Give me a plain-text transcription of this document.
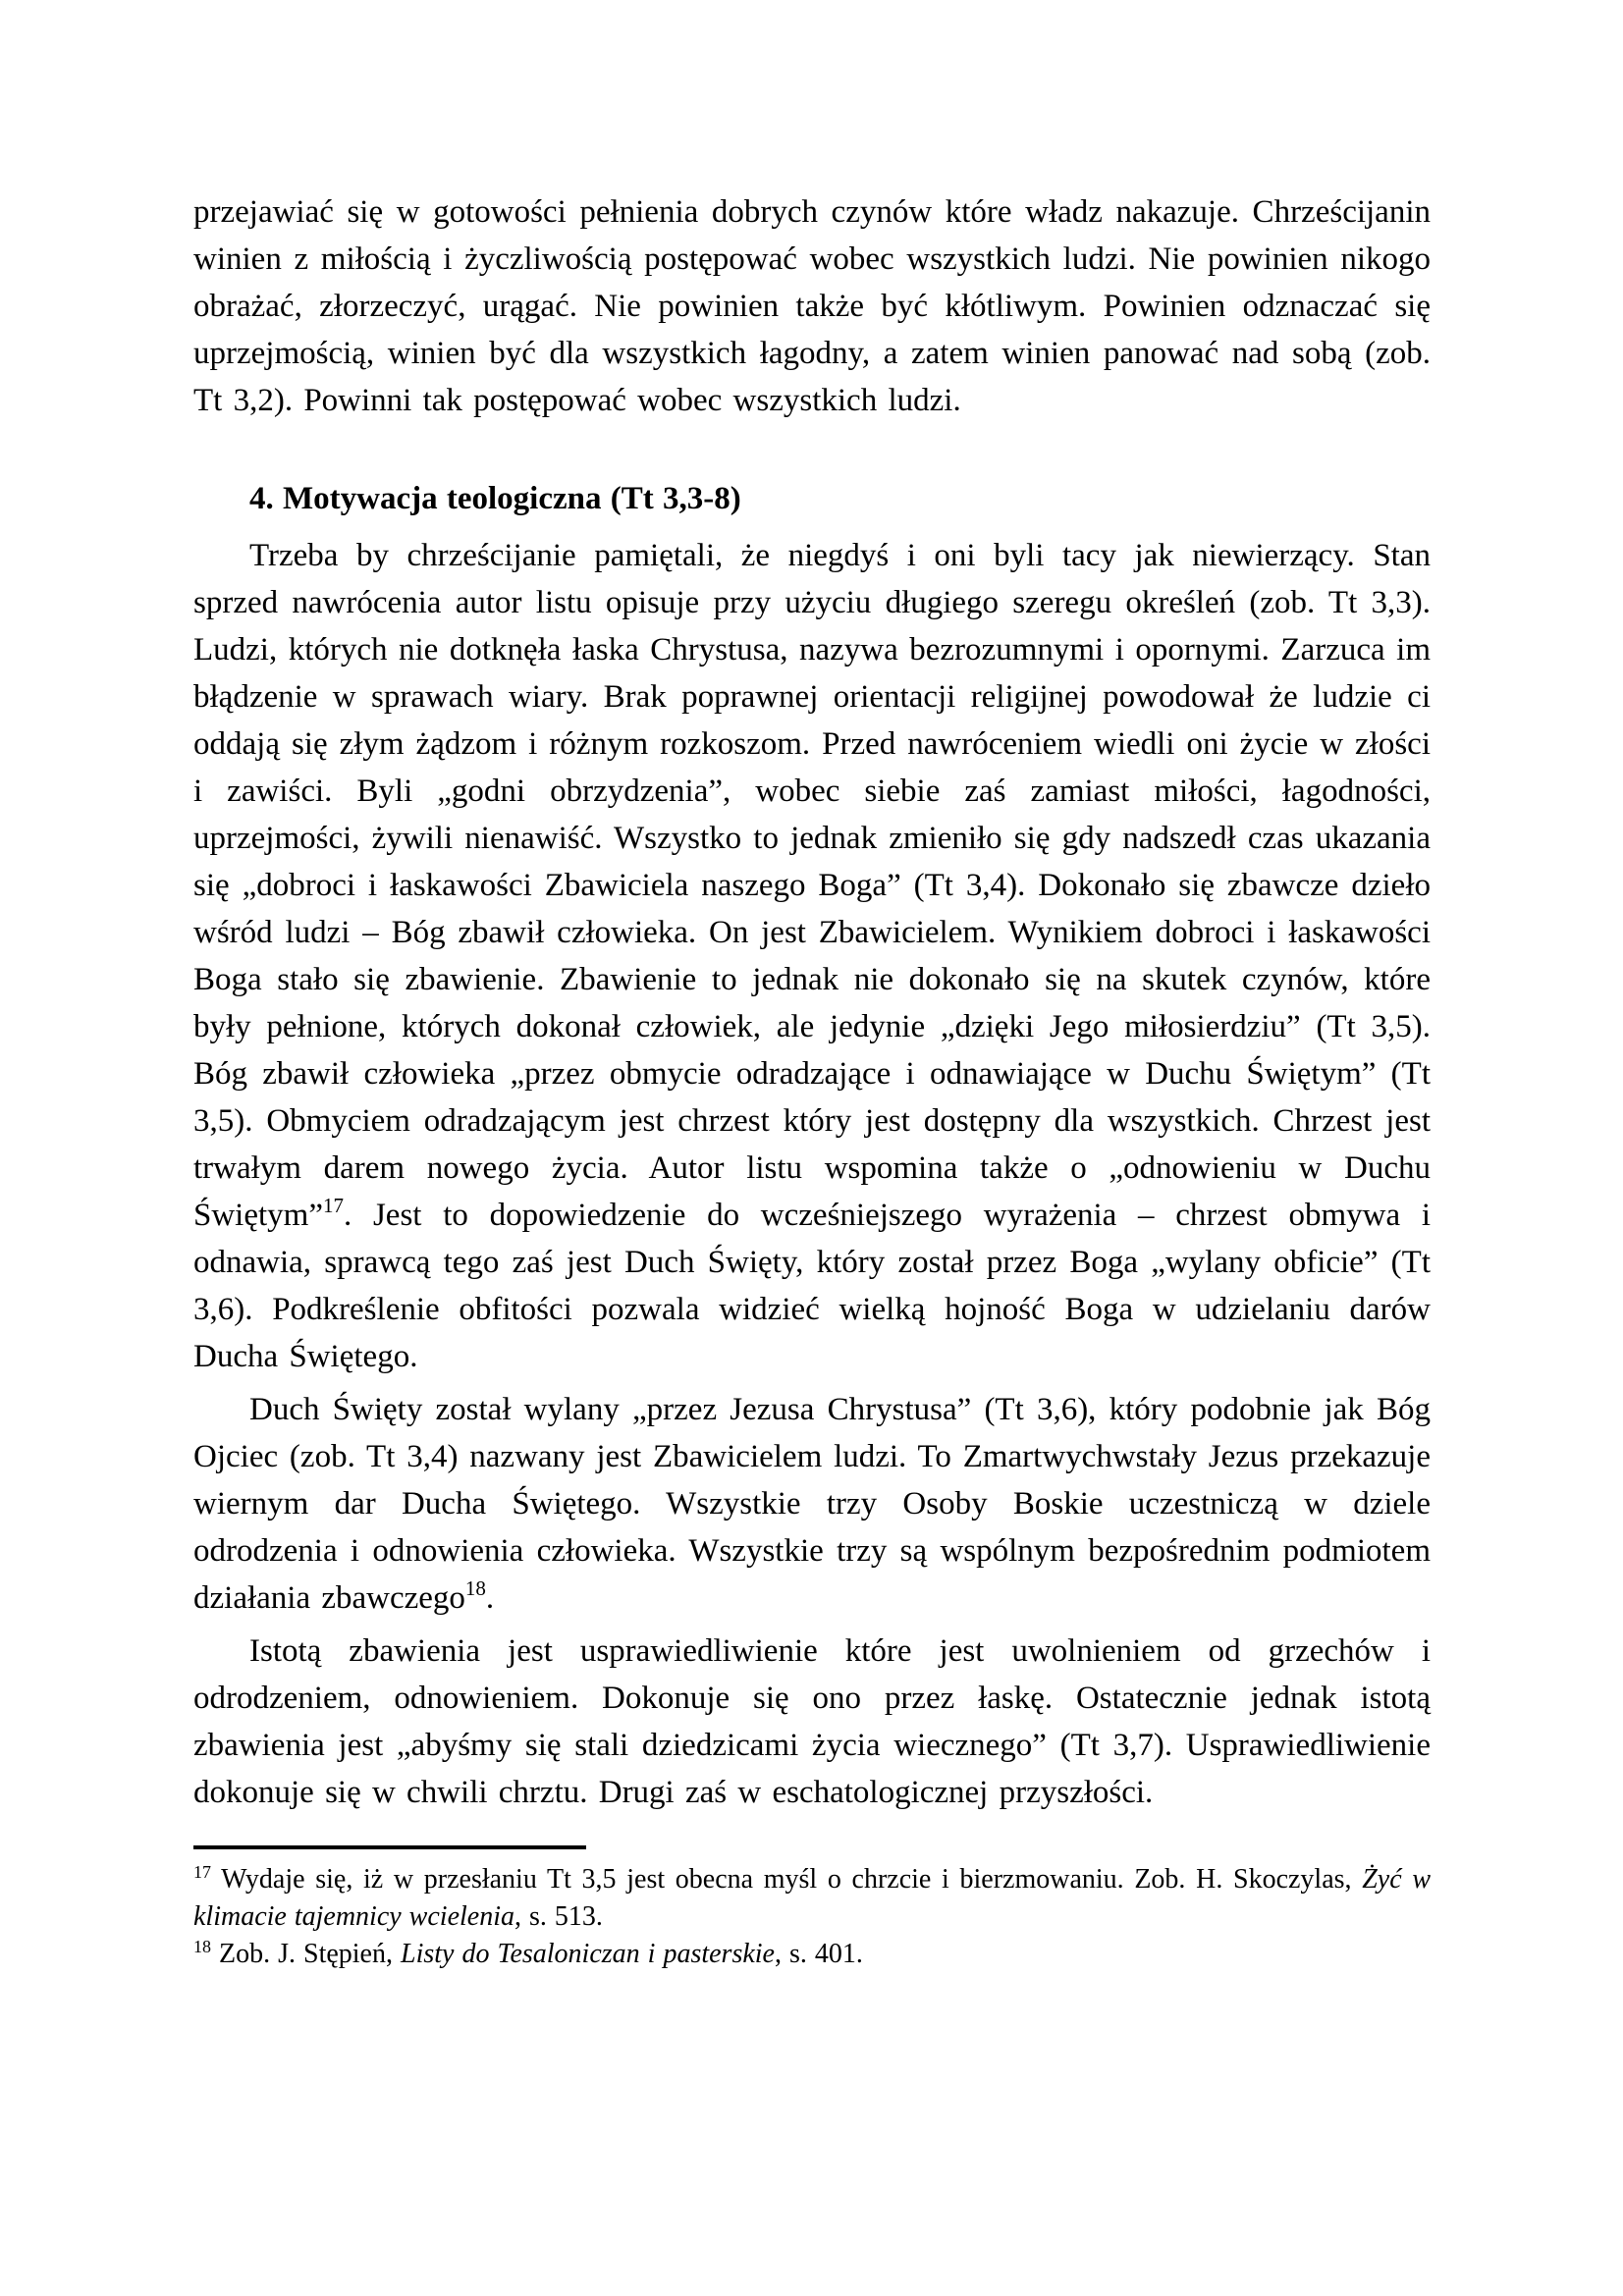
przejawiać się w gotowości pełnienia dobrych czynów które władz nakazuje. Chrześcijanin winien z miłością i życzliwością postępować wobec wszystkich ludzi. Nie powinien nikogo obrażać, złorzeczyć, urągać. Nie powinien także być kłótliwym. Powinien odznaczać się uprzejmością, winien być dla wszystkich łagodny, a zatem winien panować nad sobą (zob. Tt 3,2). Powinni tak postępować wobec wszystkich ludzi.

4. Motywacja teologiczna (Tt 3,3-8)

Trzeba by chrześcijanie pamiętali, że niegdyś i oni byli tacy jak niewierzący. Stan sprzed nawrócenia autor listu opisuje przy użyciu długiego szeregu określeń (zob. Tt 3,3). Ludzi, których nie dotknęła łaska Chrystusa, nazywa bezrozumnymi i opornymi. Zarzuca im błądzenie w sprawach wiary. Brak poprawnej orientacji religijnej powodował że ludzie ci oddają się złym żądzom i różnym rozkoszom. Przed nawróceniem wiedli oni życie w złości i zawiści. Byli „godni obrzydzenia”, wobec siebie zaś zamiast miłości, łagodności, uprzejmości, żywili nienawiść. Wszystko to jednak zmieniło się gdy nadszedł czas ukazania się „dobroci i łaskawości Zbawiciela naszego Boga” (Tt 3,4). Dokonało się zbawcze dzieło wśród ludzi – Bóg zbawił człowieka. On jest Zbawicielem. Wynikiem dobroci i łaskawości Boga stało się zbawienie. Zbawienie to jednak nie dokonało się na skutek czynów, które były pełnione, których dokonał człowiek, ale jedynie „dzięki Jego miłosierdziu” (Tt 3,5). Bóg zbawił człowieka „przez obmycie odradzające i odnawiające w Duchu Świętym” (Tt 3,5). Obmyciem odradzającym jest chrzest który jest dostępny dla wszystkich. Chrzest jest trwałym darem nowego życia. Autor listu wspomina także o „odnowieniu w Duchu Świętym”$^{17}$. Jest to dopowiedzenie do wcześniejszego wyrażenia – chrzest obmywa i odnawia, sprawcą tego zaś jest Duch Święty, który został przez Boga „wylany obficie” (Tt 3,6). Podkreślenie obfitości pozwala widzieć wielką hojność Boga w udzielaniu darów Ducha Świętego.

Duch Święty został wylany „przez Jezusa Chrystusa” (Tt 3,6), który podobnie jak Bóg Ojciec (zob. Tt 3,4) nazwany jest Zbawicielem ludzi. To Zmartwychwstały Jezus przekazuje wiernym dar Ducha Świętego. Wszystkie trzy Osoby Boskie uczestniczą w dziele odrodzenia i odnowienia człowieka. Wszystkie trzy są wspólnym bezpośrednim podmiotem działania zbawczego$^{18}$.

Istotą zbawienia jest usprawiedliwienie które jest uwolnieniem od grzechów i odrodzeniem, odnowieniem. Dokonuje się ono przez łaskę. Ostatecznie jednak istotą zbawienia jest „abyśmy się stali dziedzicami życia wiecznego” (Tt 3,7). Usprawiedliwienie dokonuje się w chwili chrztu. Drugi zaś w eschatologicznej przyszłości.

$^{17}$ Wydaje się, iż w przesłaniu Tt 3,5 jest obecna myśl o chrzcie i bierzmowaniu. Zob. H. Skoczylas, Żyć w klimacie tajemnicy wcielenia, s. 513.

$^{18}$ Zob. J. Stępień, Listy do Tesaloniczan i pasterskie, s. 401.
